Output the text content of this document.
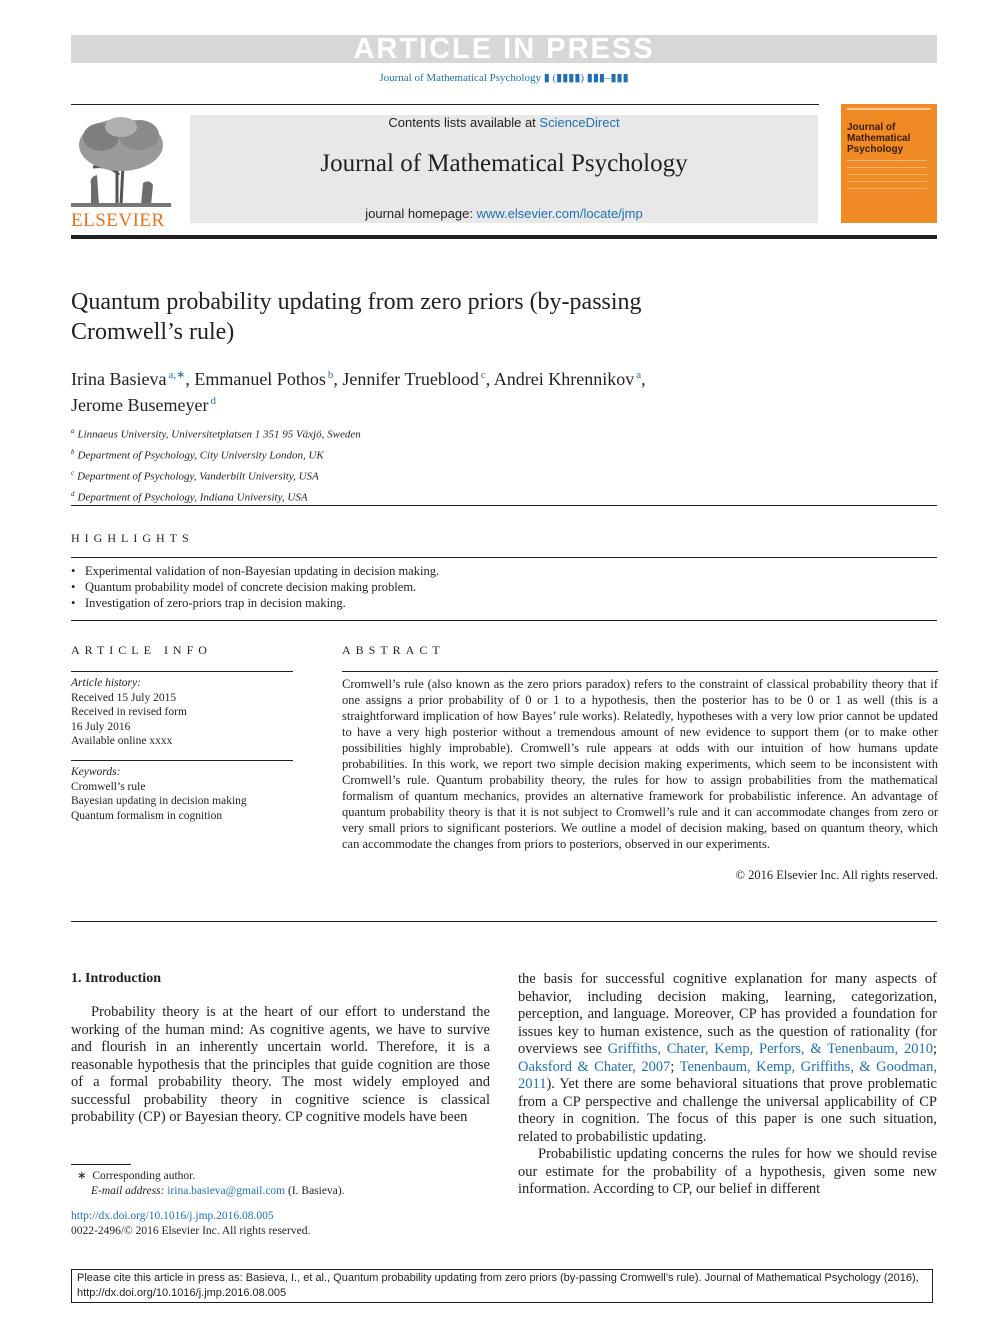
ARTICLE IN PRESS
Journal of Mathematical Psychology ▮ (▮▮▮▮) ▮▮▮–▮▮▮
ELSEVIER
Contents lists available at ScienceDirect
Journal of Mathematical Psychology
journal homepage: www.elsevier.com/locate/jmp
Journal of Mathematical Psychology
Quantum probability updating from zero priors (by-passing
Cromwell’s rule)
Irina Basieva $^{a,∗}$, Emmanuel Pothos $^b$, Jennifer Trueblood $^c$, Andrei Khrennikov $^a$,
Jerome Busemeyer $^d$
$^a$ Linnaeus University, Universitetplatsen 1 351 95 Växjö, Sweden
$^b$ Department of Psychology, City University London, UK
$^c$ Department of Psychology, Vanderbilt University, USA
$^d$ Department of Psychology, Indiana University, USA
HIGHLIGHTS
• Experimental validation of non-Bayesian updating in decision making.
• Quantum probability model of concrete decision making problem.
• Investigation of zero-priors trap in decision making.
ARTICLE INFO
Article history:
Received 15 July 2015
Received in revised form
16 July 2016
Available online xxxx
Keywords:
Cromwell’s rule
Bayesian updating in decision making
Quantum formalism in cognition
ABSTRACT
Cromwell’s rule (also known as the zero priors paradox) refers to the constraint of classical probability theory that if one assigns a prior probability of 0 or 1 to a hypothesis, then the posterior has to be 0 or 1 as well (this is a straightforward implication of how Bayes’ rule works). Relatedly, hypotheses with a very low prior cannot be updated to have a very high posterior without a tremendous amount of new evidence to support them (or to make other possibilities highly improbable). Cromwell’s rule appears at odds with our intuition of how humans update probabilities. In this work, we report two simple decision making experiments, which seem to be inconsistent with Cromwell’s rule. Quantum probability theory, the rules for how to assign probabilities from the mathematical formalism of quantum mechanics, provides an alternative framework for probabilistic inference. An advantage of quantum probability theory is that it is not subject to Cromwell’s rule and it can accommodate changes from zero or very small priors to significant posteriors. We outline a model of decision making, based on quantum theory, which can accommodate the changes from priors to posteriors, observed in our experiments.
© 2016 Elsevier Inc. All rights reserved.
1. Introduction

Probability theory is at the heart of our effort to understand the working of the human mind: As cognitive agents, we have to survive and flourish in an inherently uncertain world. Therefore, it is a reasonable hypothesis that the principles that guide cognition are those of a formal probability theory. The most widely employed and successful probability theory in cognitive science is classical probability (CP) or Bayesian theory. CP cognitive models have been

the basis for successful cognitive explanation for many aspects of behavior, including decision making, learning, categorization, perception, and language. Moreover, CP has provided a foundation for issues key to human existence, such as the question of rationality (for overviews see Griffiths, Chater, Kemp, Perfors, & Tenenbaum, 2010; Oaksford & Chater, 2007; Tenenbaum, Kemp, Griffiths, & Goodman, 2011). Yet there are some behavioral situations that prove problematic from a CP perspective and challenge the universal applicability of CP theory in cognition. The focus of this paper is one such situation, related to probabilistic updating.

Probabilistic updating concerns the rules for how we should revise our estimate for the probability of a hypothesis, given some new information. According to CP, our belief in different

∗ Corresponding author.
E-mail address: irina.basieva@gmail.com (I. Basieva).
http://dx.doi.org/10.1016/j.jmp.2016.08.005
0022-2496/© 2016 Elsevier Inc. All rights reserved.
Please cite this article in press as: Basieva, I., et al., Quantum probability updating from zero priors (by-passing Cromwell’s rule). Journal of Mathematical Psychology (2016), http://dx.doi.org/10.1016/j.jmp.2016.08.005
